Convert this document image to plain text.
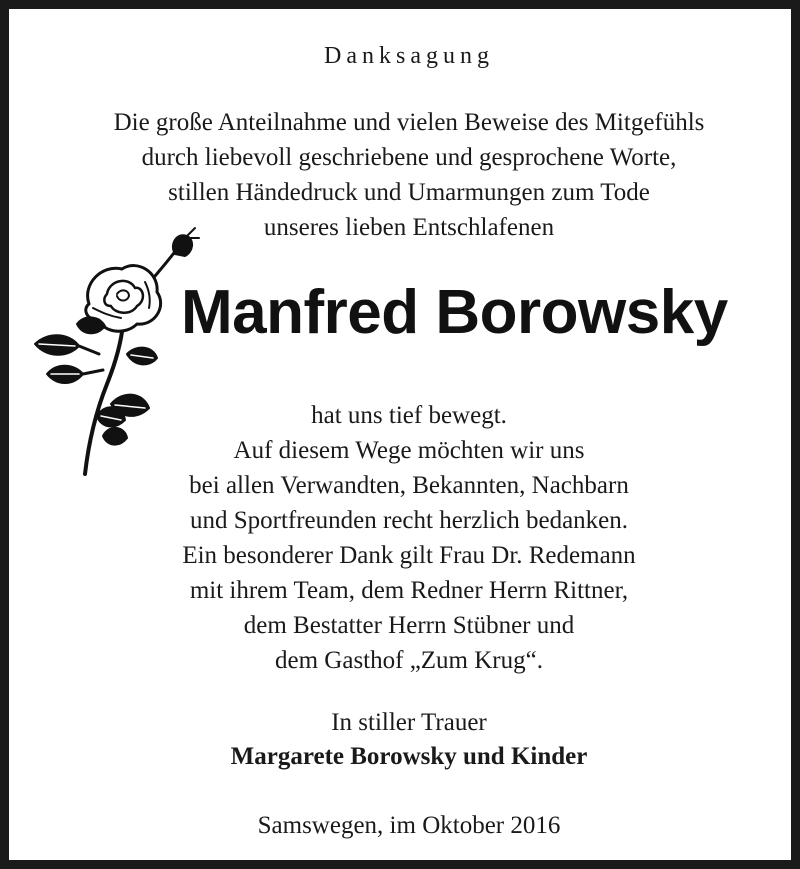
Danksagung
Die große Anteilnahme und vielen Beweise des Mitgefühls
durch liebevoll geschriebene und gesprochene Worte,
stillen Händedruck und Umarmungen zum Tode
unseres lieben Entschlafenen
Manfred Borowsky
hat uns tief bewegt.
Auf diesem Wege möchten wir uns
bei allen Verwandten, Bekannten, Nachbarn
und Sportfreunden recht herzlich bedanken.
Ein besonderer Dank gilt Frau Dr. Redemann
mit ihrem Team, dem Redner Herrn Rittner,
dem Bestatter Herrn Stübner und
dem Gasthof „Zum Krug“.
In stiller Trauer
Margarete Borowsky und Kinder
Samswegen, im Oktober 2016
